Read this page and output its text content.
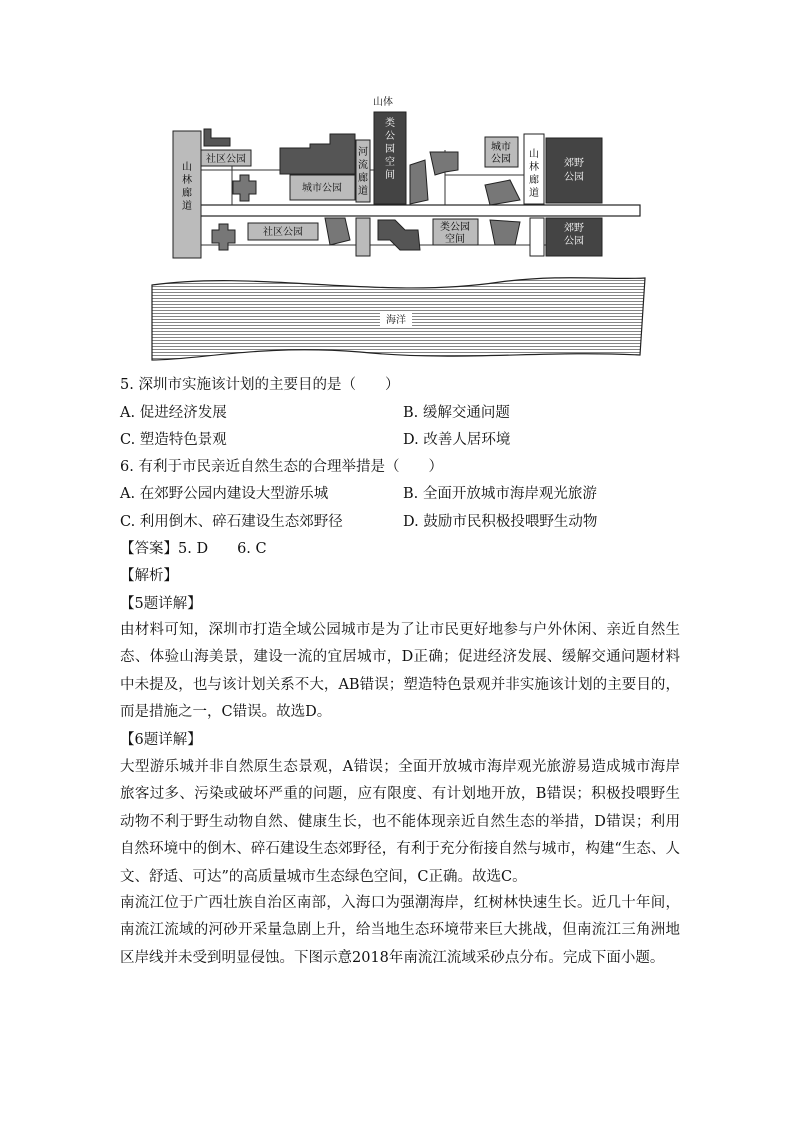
山林廊道
社区公园
城市公园
社区公园
河流廊道
山体
类公园空间
类公园空间
城市公园 山林廊道
郊野公园
郊野公园
海洋
5. 深圳市实施该计划的主要目的是（　　）
A. 促进经济发展	B. 缓解交通问题
C. 塑造特色景观	D. 改善人居环境
6. 有利于市民亲近自然生态的合理举措是（　　）
A. 在郊野公园内建设大型游乐城	B. 全面开放城市海岸观光旅游
C. 利用倒木、碎石建设生态郊野径	D. 鼓励市民积极投喂野生动物
【答案】5. D　　6. C
【解析】
【5题详解】
由材料可知，深圳市打造全域公园城市是为了让市民更好地参与户外休闲、亲近自然生态、体验山海美景，建设一流的宜居城市，D正确；促进经济发展、缓解交通问题材料中未提及，也与该计划关系不大，AB错误；塑造特色景观并非实施该计划的主要目的，而是措施之一，C错误。故选D。
【6题详解】
大型游乐城并非自然原生态景观，A错误；全面开放城市海岸观光旅游易造成城市海岸旅客过多、污染或破坏严重的问题，应有限度、有计划地开放，B错误；积极投喂野生动物不利于野生动物自然、健康生长，也不能体现亲近自然生态的举措，D错误；利用自然环境中的倒木、碎石建设生态郊野径，有利于充分衔接自然与城市，构建“生态、人文、舒适、可达”的高质量城市生态绿色空间，C正确。故选C。
南流江位于广西壮族自治区南部，入海口为强潮海岸，红树林快速生长。近几十年间，南流江流域的河砂开采量急剧上升，给当地生态环境带来巨大挑战，但南流江三角洲地区岸线并未受到明显侵蚀。下图示意2018年南流江流域采砂点分布。完成下面小题。
